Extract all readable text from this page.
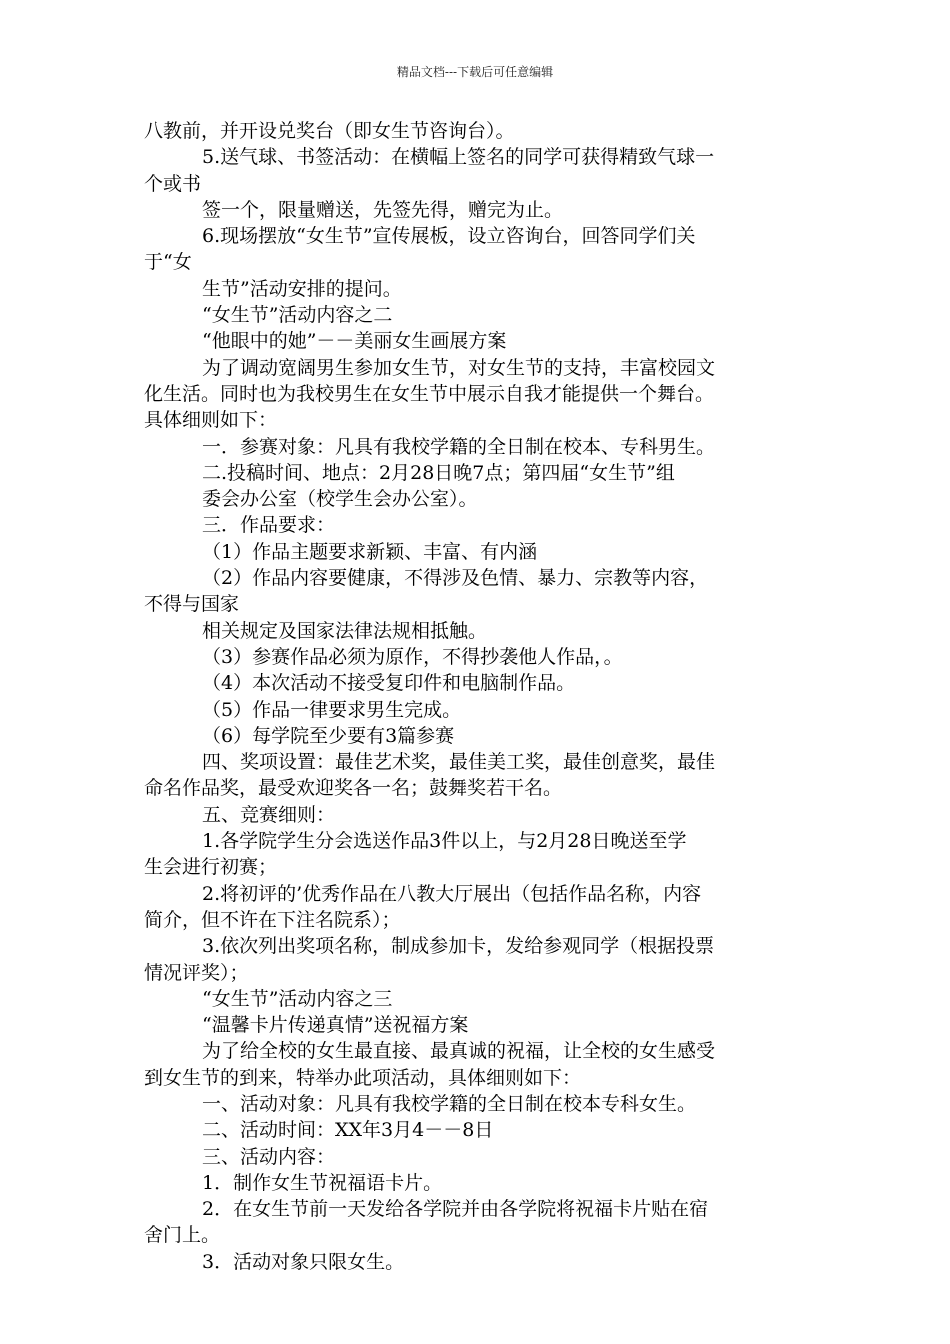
精品文档---下载后可任意编辑
八教前，并开设兑奖台（即女生节咨询台）。
5.送气球、书签活动：在横幅上签名的同学可获得精致气球一
个或书
签一个，限量赠送，先签先得，赠完为止。
6.现场摆放“女生节”宣传展板，设立咨询台，回答同学们关
于“女
生节”活动安排的提问。
“女生节”活动内容之二
“他眼中的她”－－美丽女生画展方案
为了调动宽阔男生参加女生节，对女生节的支持，丰富校园文
化生活。同时也为我校男生在女生节中展示自我才能提供一个舞台。
具体细则如下：
一．参赛对象：凡具有我校学籍的全日制在校本、专科男生。
二.投稿时间、地点：2月28日晚7点；第四届“女生节”组
委会办公室（校学生会办公室）。
三．作品要求：
（1）作品主题要求新颖、丰富、有内涵
（2）作品内容要健康，不得涉及色情、暴力、宗教等内容，
不得与国家
相关规定及国家法律法规相抵触。
（3）参赛作品必须为原作，不得抄袭他人作品，。
（4）本次活动不接受复印件和电脑制作品。
（5）作品一律要求男生完成。
（6）每学院至少要有3篇参赛
四、奖项设置：最佳艺术奖，最佳美工奖，最佳创意奖，最佳
命名作品奖，最受欢迎奖各一名；鼓舞奖若干名。
五、竞赛细则：
1.各学院学生分会选送作品3件以上，与2月28日晚送至学
生会进行初赛；
2.将初评的’优秀作品在八教大厅展出（包括作品名称，内容
简介，但不许在下注名院系）；
3.依次列出奖项名称，制成参加卡，发给参观同学（根据投票
情况评奖）；
“女生节”活动内容之三
“温馨卡片传递真情”送祝福方案
为了给全校的女生最直接、最真诚的祝福，让全校的女生感受
到女生节的到来，特举办此项活动，具体细则如下：
一、活动对象：凡具有我校学籍的全日制在校本专科女生。
二、活动时间：XX年3月4－－8日
三、活动内容：
1．制作女生节祝福语卡片。
2．在女生节前一天发给各学院并由各学院将祝福卡片贴在宿
舍门上。
3．活动对象只限女生。
